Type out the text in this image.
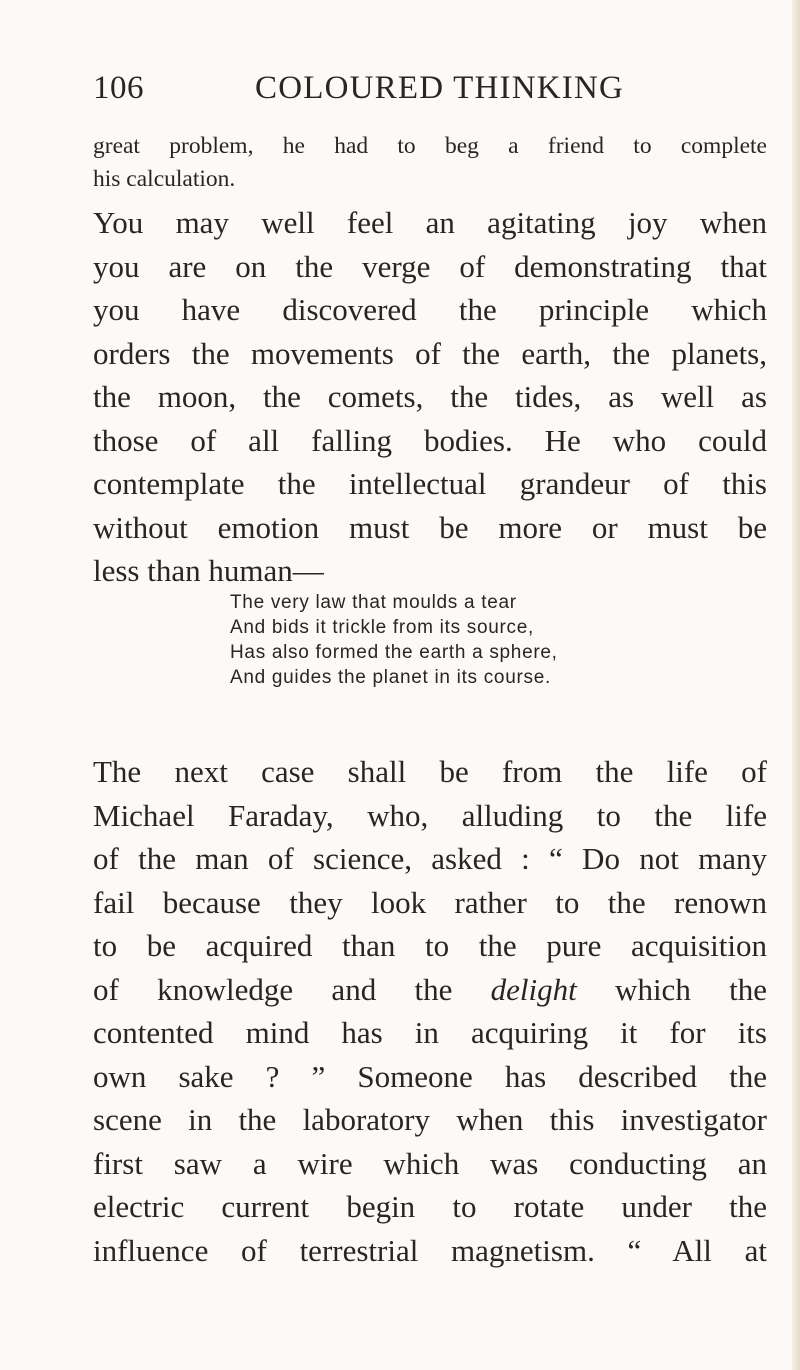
106	COLOURED THINKING
great problem, he had to beg a friend to complete
his calculation.
You may well feel an agitating joy when
you are on the verge of demonstrating that
you have discovered the principle which
orders the movements of the earth, the planets,
the moon, the comets, the tides, as well as
those of all falling bodies. He who could
contemplate the intellectual grandeur of this
without emotion must be more or must be
less than human—
The very law that moulds a tear
And bids it trickle from its source,
Has also formed the earth a sphere,
And guides the planet in its course.
The next case shall be from the life of
Michael Faraday, who, alluding to the life
of the man of science, asked : “ Do not many
fail because they look rather to the renown
to be acquired than to the pure acquisition
of knowledge and the delight which the
contented mind has in acquiring it for its
own sake ? ” Someone has described the
scene in the laboratory when this investigator
first saw a wire which was conducting an
electric current begin to rotate under the
influence of terrestrial magnetism. “ All at
